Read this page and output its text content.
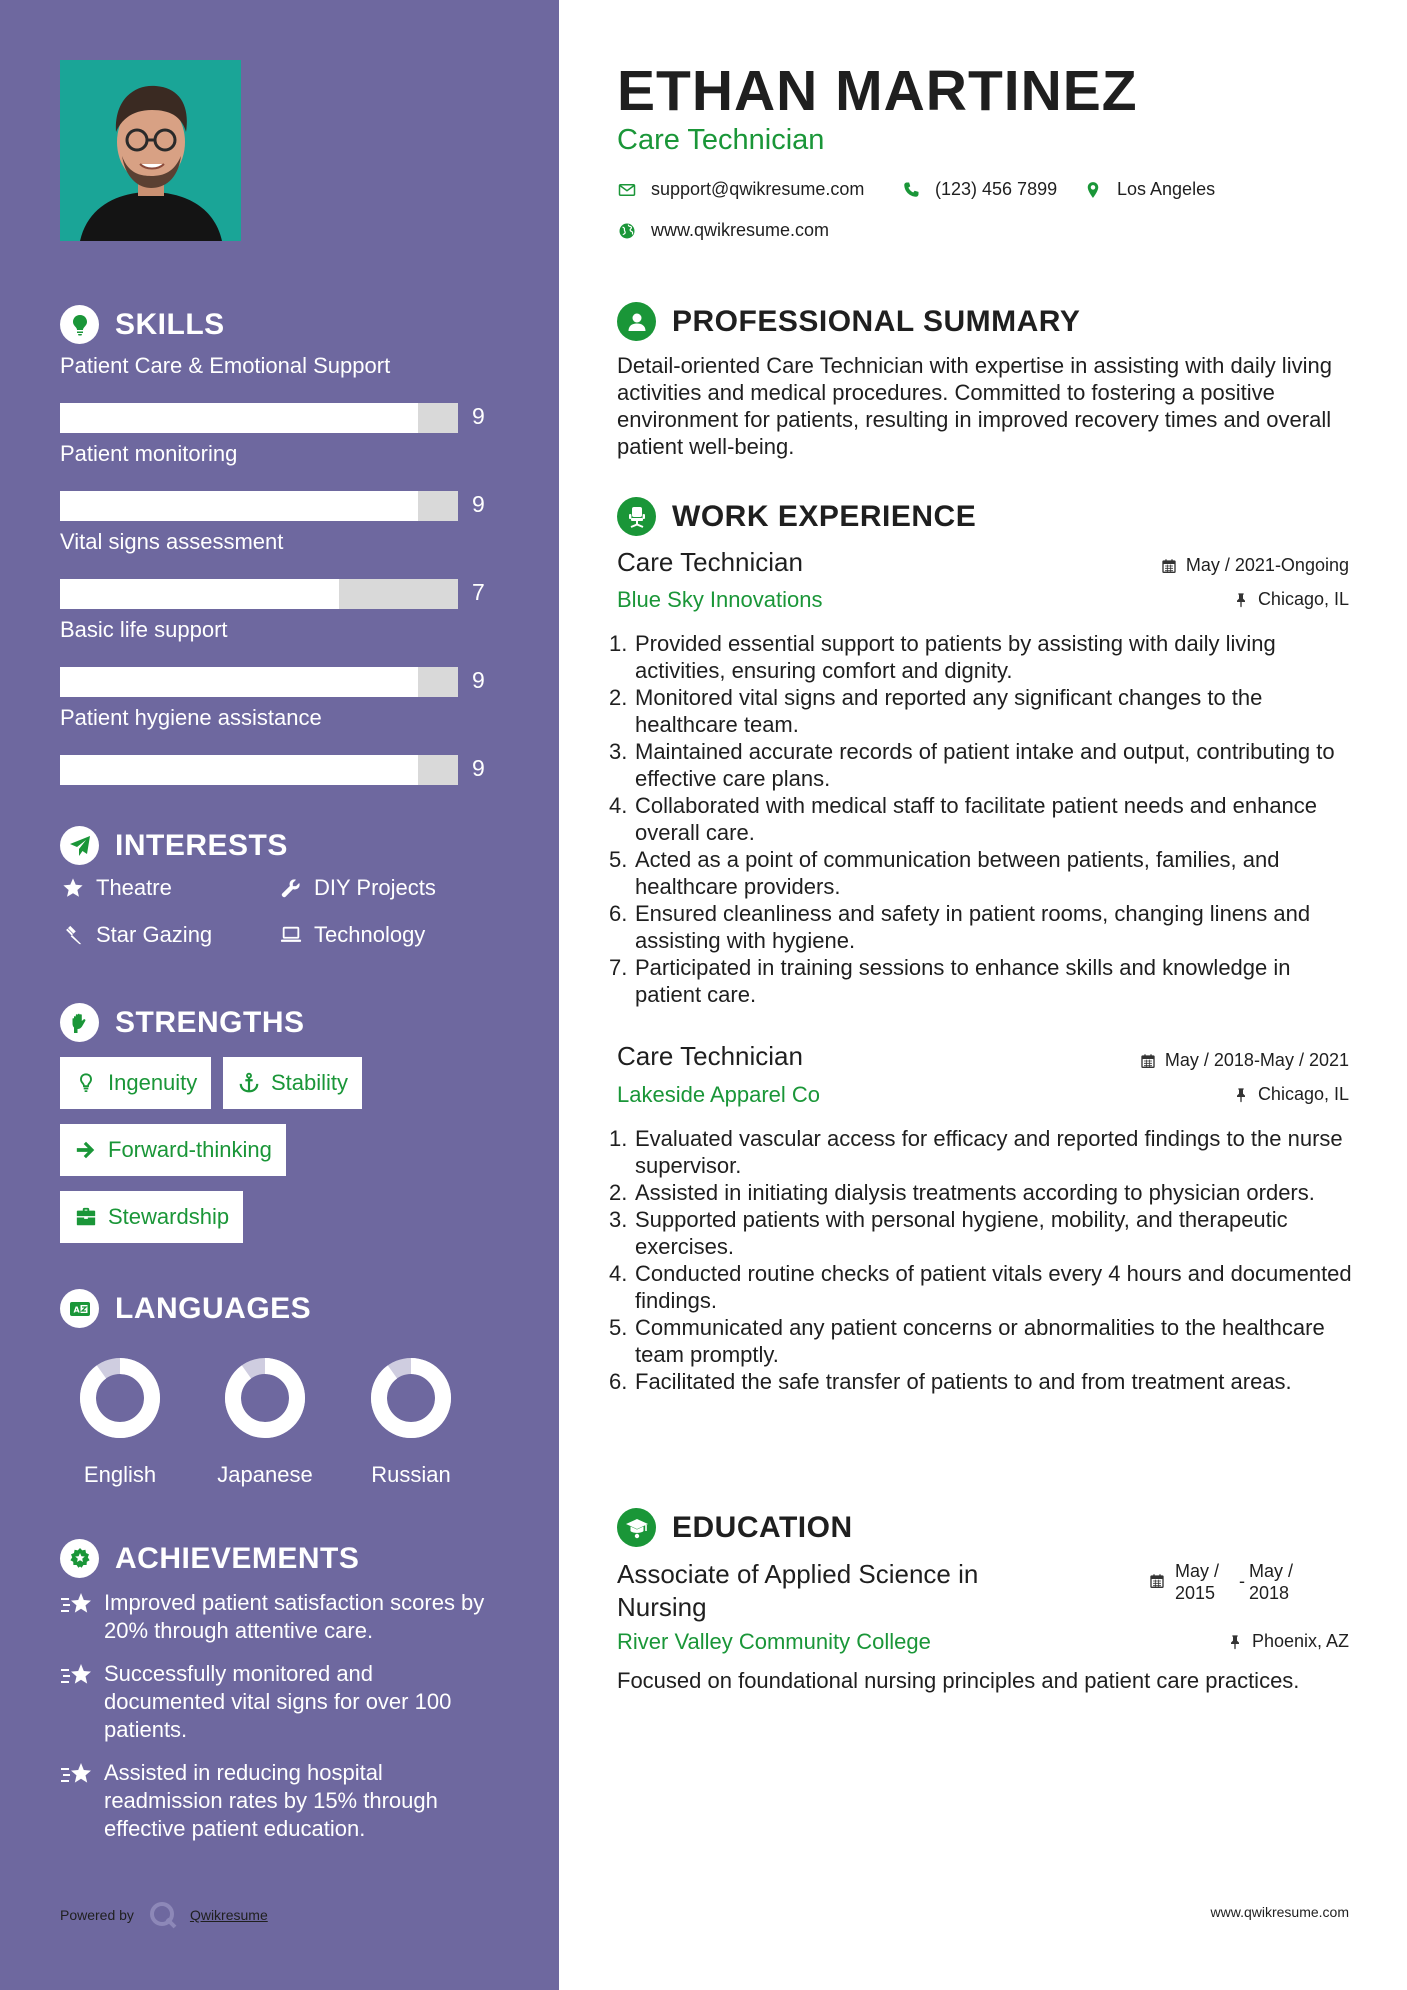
SKILLS
Patient Care & Emotional Support
9
Patient monitoring
9
Vital signs assessment
7
Basic life support
9
Patient hygiene assistance
9
INTERESTS
Theatre	DIY Projects
Star Gazing	Technology
STRENGTHS
Ingenuity	Stability
Forward-thinking
Stewardship
A LANGUAGES
English	Japanese	Russian
ACHIEVEMENTS
Improved patient satisfaction scores by 20% through attentive care.
Successfully monitored and documented vital signs for over 100 patients.
Assisted in reducing hospital readmission rates by 15% through effective patient education.
Powered by	Qwikresume
ETHAN MARTINEZ
Care Technician
support@qwikresume.com	(123) 456 7899	Los Angeles
www.qwikresume.com
PROFESSIONAL SUMMARY
Detail-oriented Care Technician with expertise in assisting with daily living activities and medical procedures. Committed to fostering a positive environment for patients, resulting in improved recovery times and overall patient well-being.
WORK EXPERIENCE
Care Technician	May / 2021-Ongoing
Blue Sky Innovations	Chicago, IL
1. Provided essential support to patients by assisting with daily living activities, ensuring comfort and dignity.
2. Monitored vital signs and reported any significant changes to the healthcare team.
3. Maintained accurate records of patient intake and output, contributing to effective care plans.
4. Collaborated with medical staff to facilitate patient needs and enhance overall care.
5. Acted as a point of communication between patients, families, and healthcare providers.
6. Ensured cleanliness and safety in patient rooms, changing linens and assisting with hygiene.
7. Participated in training sessions to enhance skills and knowledge in patient care.
Care Technician	May / 2018-May / 2021
Lakeside Apparel Co	Chicago, IL
1. Evaluated vascular access for efficacy and reported findings to the nurse supervisor.
2. Assisted in initiating dialysis treatments according to physician orders.
3. Supported patients with personal hygiene, mobility, and therapeutic exercises.
4. Conducted routine checks of patient vitals every 4 hours and documented findings.
5. Communicated any patient concerns or abnormalities to the healthcare team promptly.
6. Facilitated the safe transfer of patients to and from treatment areas.
EDUCATION
Associate of Applied Science in Nursing
May / 2015
- May / 2018
River Valley Community College	Phoenix, AZ
Focused on foundational nursing principles and patient care practices.
www.qwikresume.com
